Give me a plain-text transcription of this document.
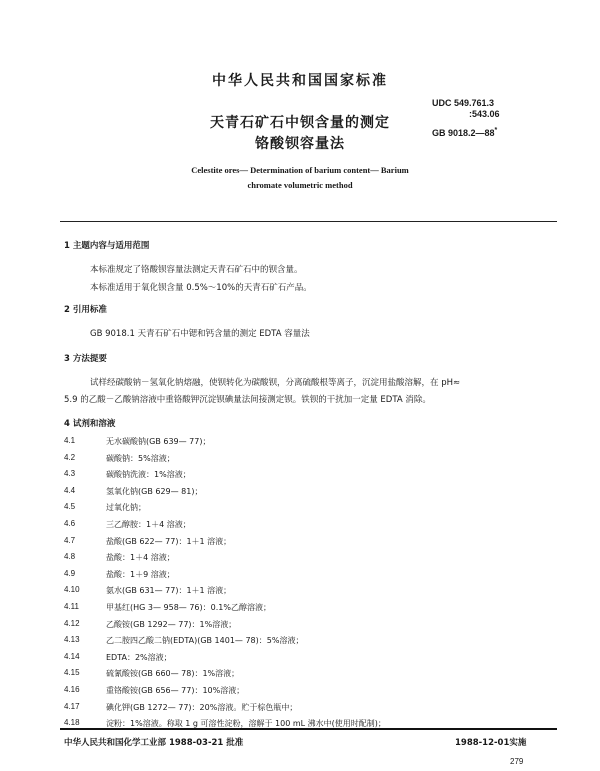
中华人民共和国国家标准
UDC 549.761.3
:543.06
GB 9018.2—88*
天青石矿石中钡含量的测定
铬酸钡容量法
Celestite ores— Determination of barium content— Barium
chromate volumetric method
1 主题内容与适用范围
本标准规定了铬酸钡容量法测定天青石矿石中的钡含量。
本标准适用于氧化钡含量 0.5%～10%的天青石矿石产品。
2 引用标准
GB 9018.1 天青石矿石中锶和钙含量的测定 EDTA 容量法
3 方法提要
试样经碳酸钠－氢氧化钠熔融，使钡转化为碳酸钡，分离硫酸根等离子，沉淀用盐酸溶解，在 pH≈
5.9 的乙酸－乙酸钠溶液中重铬酸钾沉淀钡碘量法间接测定钡。铁钡的干扰加一定量 EDTA 消除。
4 试剂和溶液
4.1	无水碳酸钠(GB 639— 77)；
4.2	碳酸钠：5%溶液；
4.3	碳酸钠洗液：1%溶液；
4.4	氢氧化钠(GB 629— 81)；
4.5	过氧化钠；
4.6	三乙醇胺：1＋4 溶液；
4.7	盐酸(GB 622— 77)：1＋1 溶液；
4.8	盐酸：1＋4 溶液；
4.9	盐酸：1＋9 溶液；
4.10	氨水(GB 631— 77)：1＋1 溶液；
4.11	甲基红(HG 3— 958— 76)：0.1%乙醇溶液；
4.12	乙酸铵(GB 1292— 77)：1%溶液；
4.13	乙二胺四乙酸二钠(EDTA)(GB 1401— 78)：5%溶液；
4.14	EDTA：2%溶液；
4.15	硫氰酸铵(GB 660— 78)：1%溶液；
4.16	重铬酸铵(GB 656— 77)：10%溶液；
4.17	碘化钾(GB 1272— 77)：20%溶液。贮于棕色瓶中；
4.18	淀粉：1%溶液。称取 1 g 可溶性淀粉，溶解于 100 mL 沸水中(使用时配制)；
中华人民共和国化学工业部 1988-03-21 批准	1988-12-01实施
279
